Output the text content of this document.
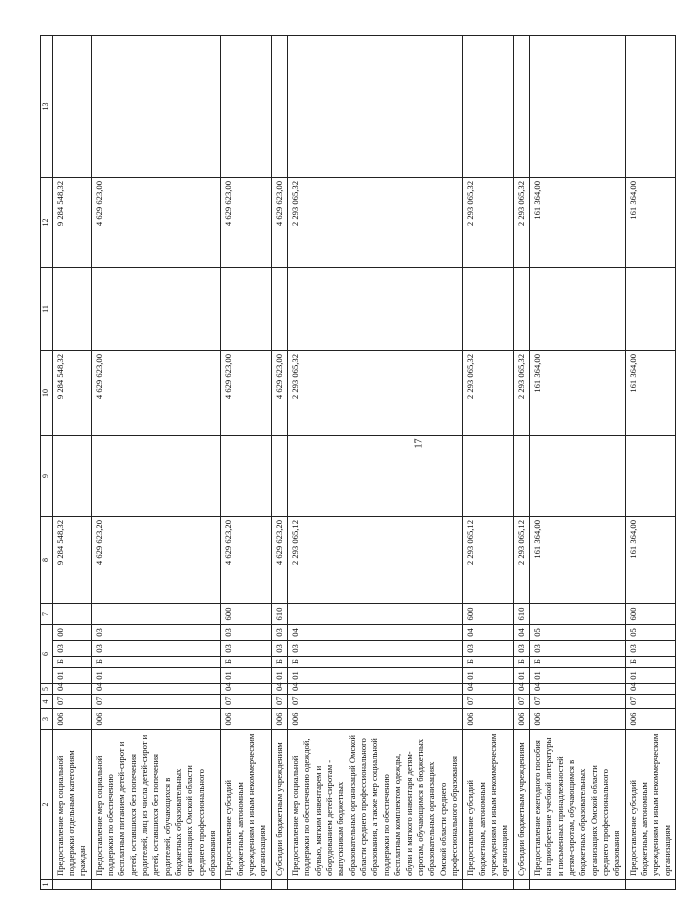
17
1	2	3	4	5	6				7	8	9	10	11	12	13
	Предоставление мер социальной поддержки отдельным категориям граждан	006	07	04	01	Б	03	00		9 284 548,32		9 284 548,32		9 284 548,32	
	Предоставление мер социальной поддержки по обеспечению бесплатным питанием детей-сирот и детей, оставшихся без попечения родителей, лиц из числа детей-сирот и детей, оставшихся без попечения родителей, обучающихся в бюджетных образовательных организациях Омской области среднего профессионального образования	006	07	04	01	Б	03	03		4 629 623,20		4 629 623,00		4 629 623,00	
	Предоставление субсидий бюджетным, автономным учреждениям и иным некоммерческим организациям	006	07	04	01	Б	03	03	600	4 629 623,20		4 629 623,00		4 629 623,00	
	Субсидии бюджетным учреждениям	006	07	04	01	Б	03	03	610	4 629 623,20		4 629 623,00		4 629 623,00	
	Предоставление мер социальной поддержки по обеспечению одеждой, обувью, мягким инвентарем и оборудованием детей-сиротам - выпускникам бюджетных образовательных организаций Омской области среднего профессионального образования, а также мер социальной поддержки по обеспечению бесплатным комплектом одежды, обуви и мягкого инвентаря детям-сиротам, обучающимся в бюджетных образовательных организациях Омской области среднего профессионального образования	006	07	04	01	Б	03	04		2 293 065,12		2 293 065,32		2 293 065,32	
	Предоставление субсидий бюджетным, автономным учреждениям и иным некоммерческим организациям	006	07	04	01	Б	03	04	600	2 293 065,12		2 293 065,32		2 293 065,32	
	Субсидии бюджетным учреждениям	006	07	04	01	Б	03	04	610	2 293 065,12		2 293 065,32		2 293 065,32	
	Предоставление ежегодного пособия на приобретение учебной литературы и письменных принадлежностей детям-сиротам, обучающимся в бюджетных образовательных организациях Омской области среднего профессионального образования	006	07	04	01	Б	03	05		161 364,00		161 364,00		161 364,00	
	Предоставление субсидий бюджетным, автономным учреждениям и иным некоммерческим организациям	006	07	04	01	Б	03	05	600	161 364,00		161 364,00		161 364,00	
